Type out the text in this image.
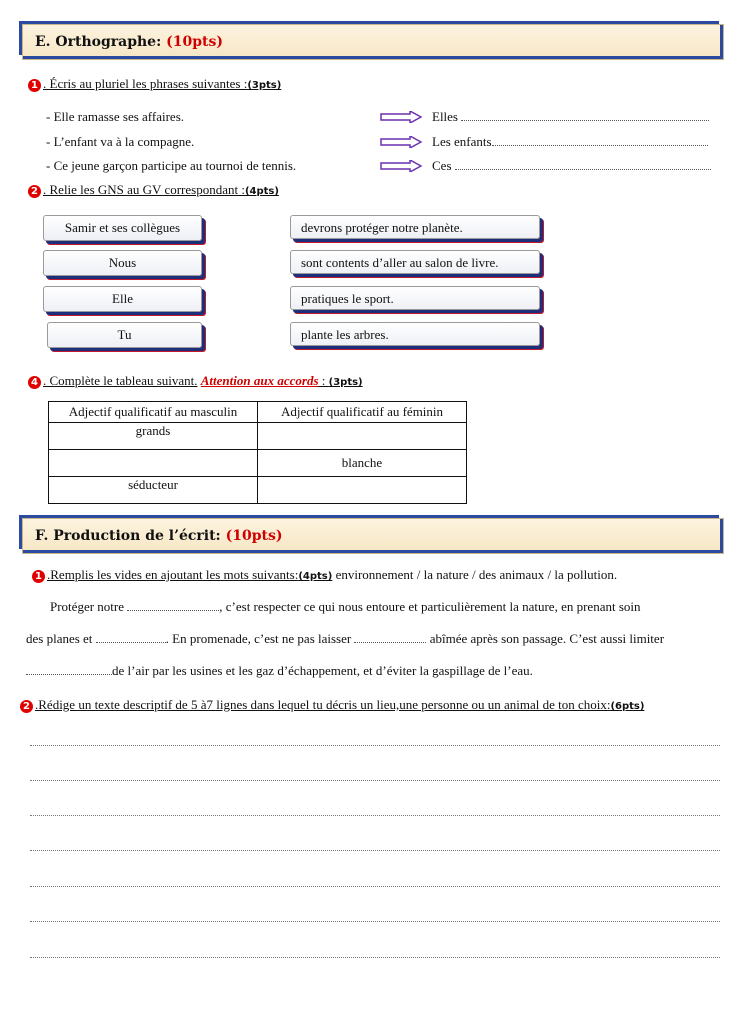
E. Orthographe: (10pts)
1 . Écris au pluriel les phrases suivantes :(3pts)
- Elle ramasse ses affaires.	Elles
- L’enfant va à la compagne.	Les enfants
- Ce jeune garçon participe au tournoi de tennis.	Ces
2 . Relie les GNS au GV correspondant :(4pts)
Samir et ses collègues
Nous
Elle
Tu
devrons protéger notre planète.
sont contents d’aller au salon de livre.
pratiques le sport.
plante les arbres.
4 . Complète le tableau suivant. Attention aux accords : (3pts)
Adjectif qualificatif au masculin	Adjectif qualificatif au féminin
grands	
	blanche
séducteur	
F. Production de l’écrit: (10pts)
1 .Remplis les vides en ajoutant les mots suivants:(4pts) environnement / la nature / des animaux / la pollution.
Protéger notre	, c’est respecter ce qui nous entoure et particulièrement la nature, en prenant soin
des planes et	. En promenade, c’est ne pas laisser	abîmée après son passage. C’est aussi limiter
de l’air par les usines et les gaz d’échappement, et d’éviter la gaspillage de l’eau.
2 .Rédige un texte descriptif de 5 à7 lignes dans lequel tu décris un lieu,une personne ou un animal de ton choix:(6pts)
